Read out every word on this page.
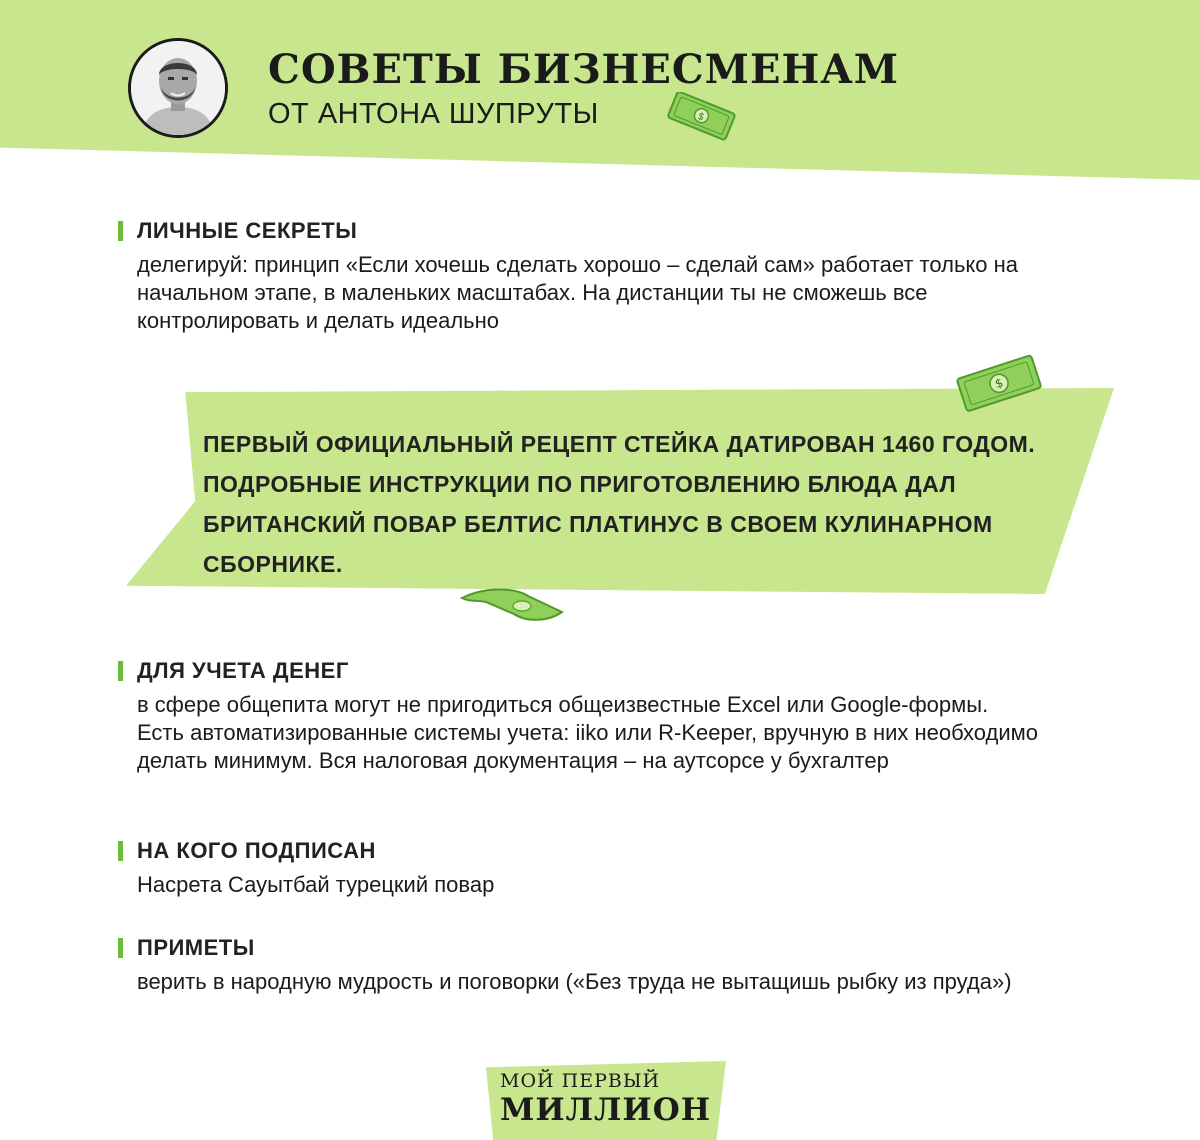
СОВЕТЫ БИЗНЕСМЕНАМ
ОТ АНТОНА ШУПРУТЫ	$
ЛИЧНЫЕ СЕКРЕТЫ

делегируй: принцип «Если хочешь сделать хорошо – сделай сам» работает только на начальном этапе, в маленьких масштабах. На дистанции ты не сможешь все контролировать и делать идеально

$

ПЕРВЫЙ ОФИЦИАЛЬНЫЙ РЕЦЕПТ СТЕЙКА ДАТИРОВАН 1460 ГОДОМ. ПОДРОБНЫЕ ИНСТРУКЦИИ ПО ПРИГОТОВЛЕНИЮ БЛЮДА ДАЛ БРИТАНСКИЙ ПОВАР БЕЛТИС ПЛАТИНУС В СВОЕМ КУЛИНАРНОМ СБОРНИКЕ.

ДЛЯ УЧЕТА ДЕНЕГ

в сфере общепита могут не пригодиться общеизвестные Excel или Google-формы. Есть автоматизированные системы учета: iiko или R-Keeper, вручную в них необходимо делать минимум. Вся налоговая документация – на аутсорсе у бухгалтер

НА КОГО ПОДПИСАН

Насрета Сауытбай турецкий повар

ПРИМЕТЫ

верить в народную мудрость и поговорки («Без труда не вытащишь рыбку из пруда»)

МОЙ ПЕРВЫЙ
МИЛЛИОН
